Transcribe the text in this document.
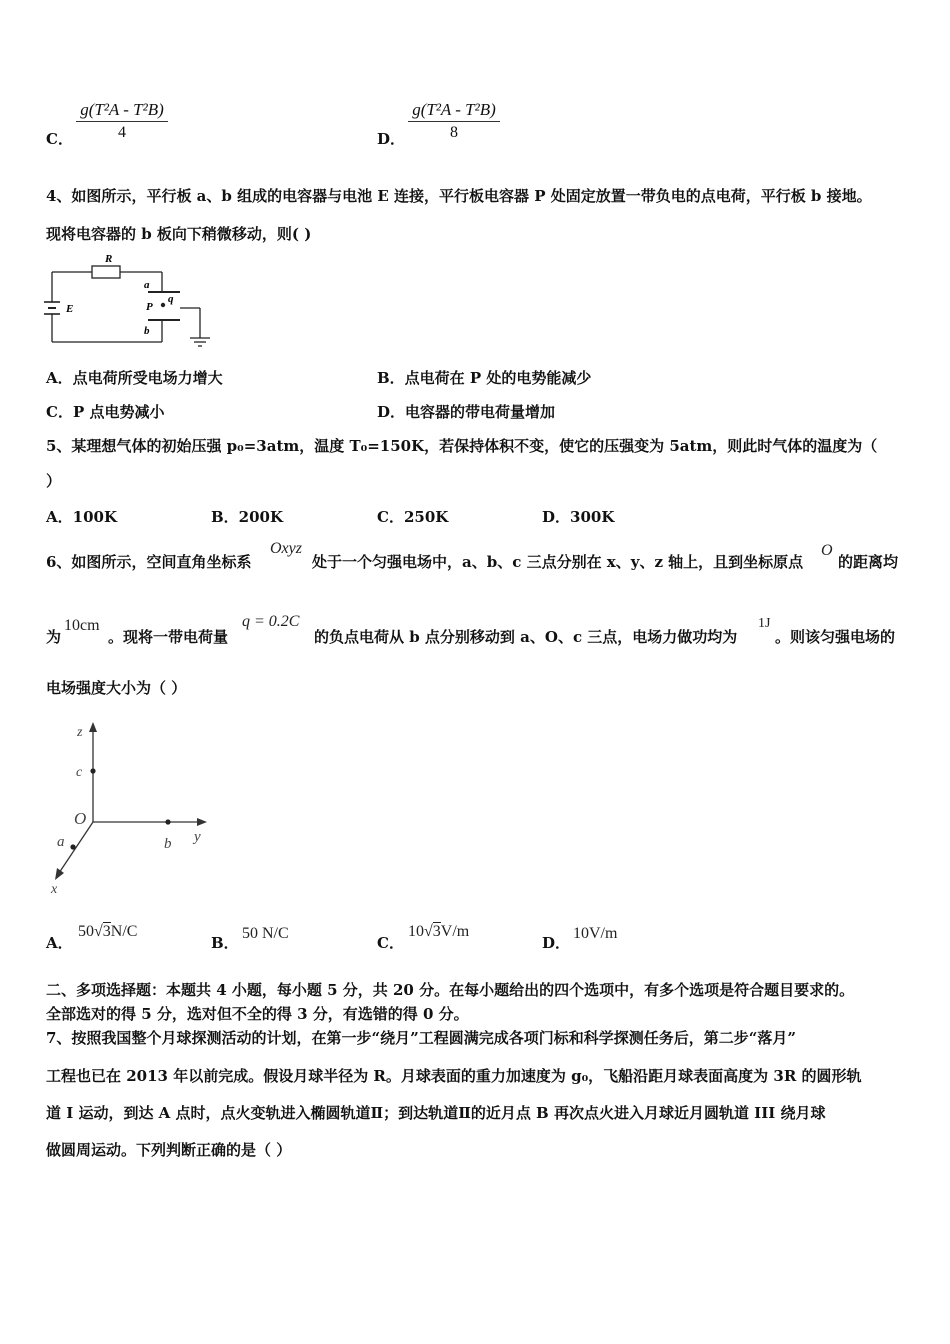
C．
g(T²A - T²B)
4	D．
g(T²A - T²B)
8
4、如图所示，平行板 a、b 组成的电容器与电池 E 连接，平行板电容器 P 处固定放置一带负电的点电荷，平行板 b 接地。
现将电容器的 b 板向下稍微移动，则( )
R
a
P
q
E
b
A．点电荷所受电场力增大	B．点电荷在 P 处的电势能减少
C．P 点电势减小	D．电容器的带电荷量增加
5、某理想气体的初始压强 p₀=3atm，温度 T₀=150K，若保持体积不变，使它的压强变为 5atm，则此时气体的温度为（
）
A．100K	B．200K	C．250K	D．300K
6、如图所示，空间直角坐标系
Oxyz
处于一个匀强电场中，a、b、c 三点分别在 x、y、z 轴上，且到坐标原点
O
的距离均
为
10cm
。现将一带电荷量
q = 0.2C
的负点电荷从 b 点分别移动到 a、O、c 三点，电场力做功均为
1J
。则该匀强电场的
电场强度大小为（ ）
z
c
O
a	b y
x
A．
50√3N/C
B．
50 N/C
C．
10√3V/m
D．
10V/m
二、多项选择题：本题共 4 小题，每小题 5 分，共 20 分。在每小题给出的四个选项中，有多个选项是符合题目要求的。
全部选对的得 5 分，选对但不全的得 3 分，有选错的得 0 分。
7、按照我国整个月球探测活动的计划，在第一步“绕月”工程圆满完成各项门标和科学探测任务后，第二步“落月”
工程也已在 2013 年以前完成。假设月球半径为 R。月球表面的重力加速度为 g₀，飞船沿距月球表面高度为 3R 的圆形轨
道 I 运动，到达 A 点时，点火变轨进入椭圆轨道Ⅱ；到达轨道Ⅱ的近月点 B 再次点火进入月球近月圆轨道 III 绕月球
做圆周运动。下列判断正确的是（ ）
